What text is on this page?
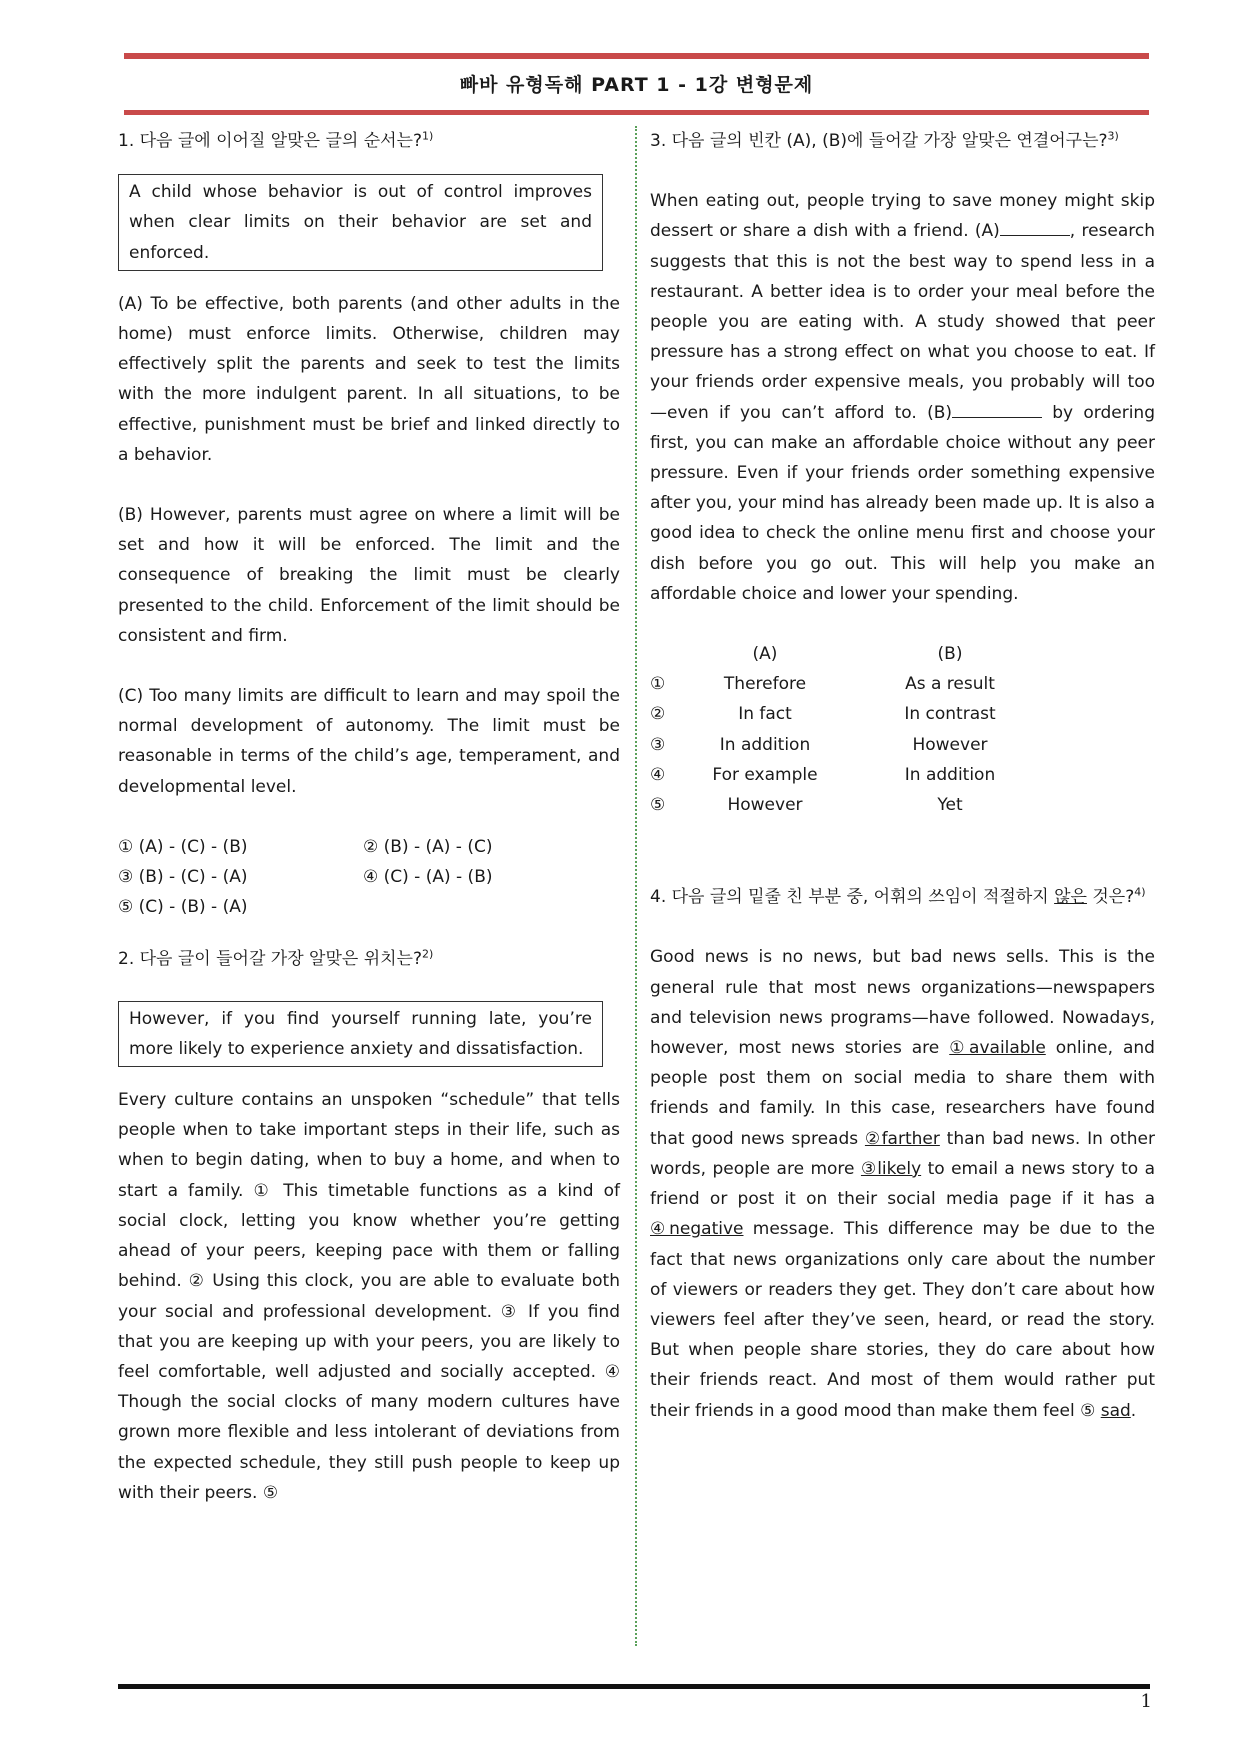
빠바 유형독해 PART 1 - 1강 변형문제

1. 다음 글에 이어질 알맞은 글의 순서는?$^{1)}$

A child whose behavior is out of control improves when clear limits on their behavior are set and enforced.

(A) To be effective, both parents (and other adults in the home) must enforce limits. Otherwise, children may effectively split the parents and seek to test the limits with the more indulgent parent. In all situations, to be effective, punishment must be brief and linked directly to a behavior.

(B) However, parents must agree on where a limit will be set and how it will be enforced. The limit and the consequence of breaking the limit must be clearly presented to the child. Enforcement of the limit should be consistent and firm.

(C) Too many limits are difficult to learn and may spoil the normal development of autonomy. The limit must be reasonable in terms of the child’s age, temperament, and developmental level.

① (A) - (C) - (B)	② (B) - (A) - (C)
③ (B) - (C) - (A)	④ (C) - (A) - (B)
⑤ (C) - (B) - (A)

2. 다음 글이 들어갈 가장 알맞은 위치는?$^{2)}$

However, if you find yourself running late, you’re more likely to experience anxiety and dissatisfaction.

Every culture contains an unspoken “schedule” that tells people when to take important steps in their life, such as when to begin dating, when to buy a home, and when to start a family. ① This timetable functions as a kind of social clock, letting you know whether you’re getting ahead of your peers, keeping pace with them or falling behind. ② Using this clock, you are able to evaluate both your social and professional development. ③ If you find that you are keeping up with your peers, you are likely to feel comfortable, well adjusted and socially accepted. ④ Though the social clocks of many modern cultures have grown more flexible and less intolerant of deviations from the expected schedule, they still push people to keep up with their peers. ⑤

3. 다음 글의 빈칸 (A), (B)에 들어갈 가장 알맞은 연결어구는?$^{3)}$

When eating out, people trying to save money might skip dessert or share a dish with a friend. (A)	, research suggests that this is not the best way to spend less in a restaurant. A better idea is to order your meal before the people you are eating with. A study showed that peer pressure has a strong effect on what you choose to eat. If your friends order expensive meals, you probably will too—even if you can’t afford to. (B)	by ordering first, you can make an affordable choice without any peer pressure. Even if your friends order something expensive after you, your mind has already been made up. It is also a good idea to check the online menu first and choose your dish before you go out. This will help you make an affordable choice and lower your spending.

(A)	(B)
①	Therefore	As a result
②	In fact	In contrast
③	In addition	However
④	For example	In addition
⑤	However	Yet

4. 다음 글의 밑줄 친 부분 중, 어휘의 쓰임이 적절하지 않은 것은?$^{4)}$

Good news is no news, but bad news sells. This is the general rule that most news organizations—newspapers and television news programs—have followed. Nowadays, however, most news stories are ①available online, and people post them on social media to share them with friends and family. In this case, researchers have found that good news spreads ②farther than bad news. In other words, people are more ③likely to email a news story to a friend or post it on their social media page if it has a ④negative message. This difference may be due to the fact that news organizations only care about the number of viewers or readers they get. They don’t care about how viewers feel after they’ve seen, heard, or read the story. But when people share stories, they do care about how their friends react. And most of them would rather put their friends in a good mood than make them feel ⑤ sad.

1
